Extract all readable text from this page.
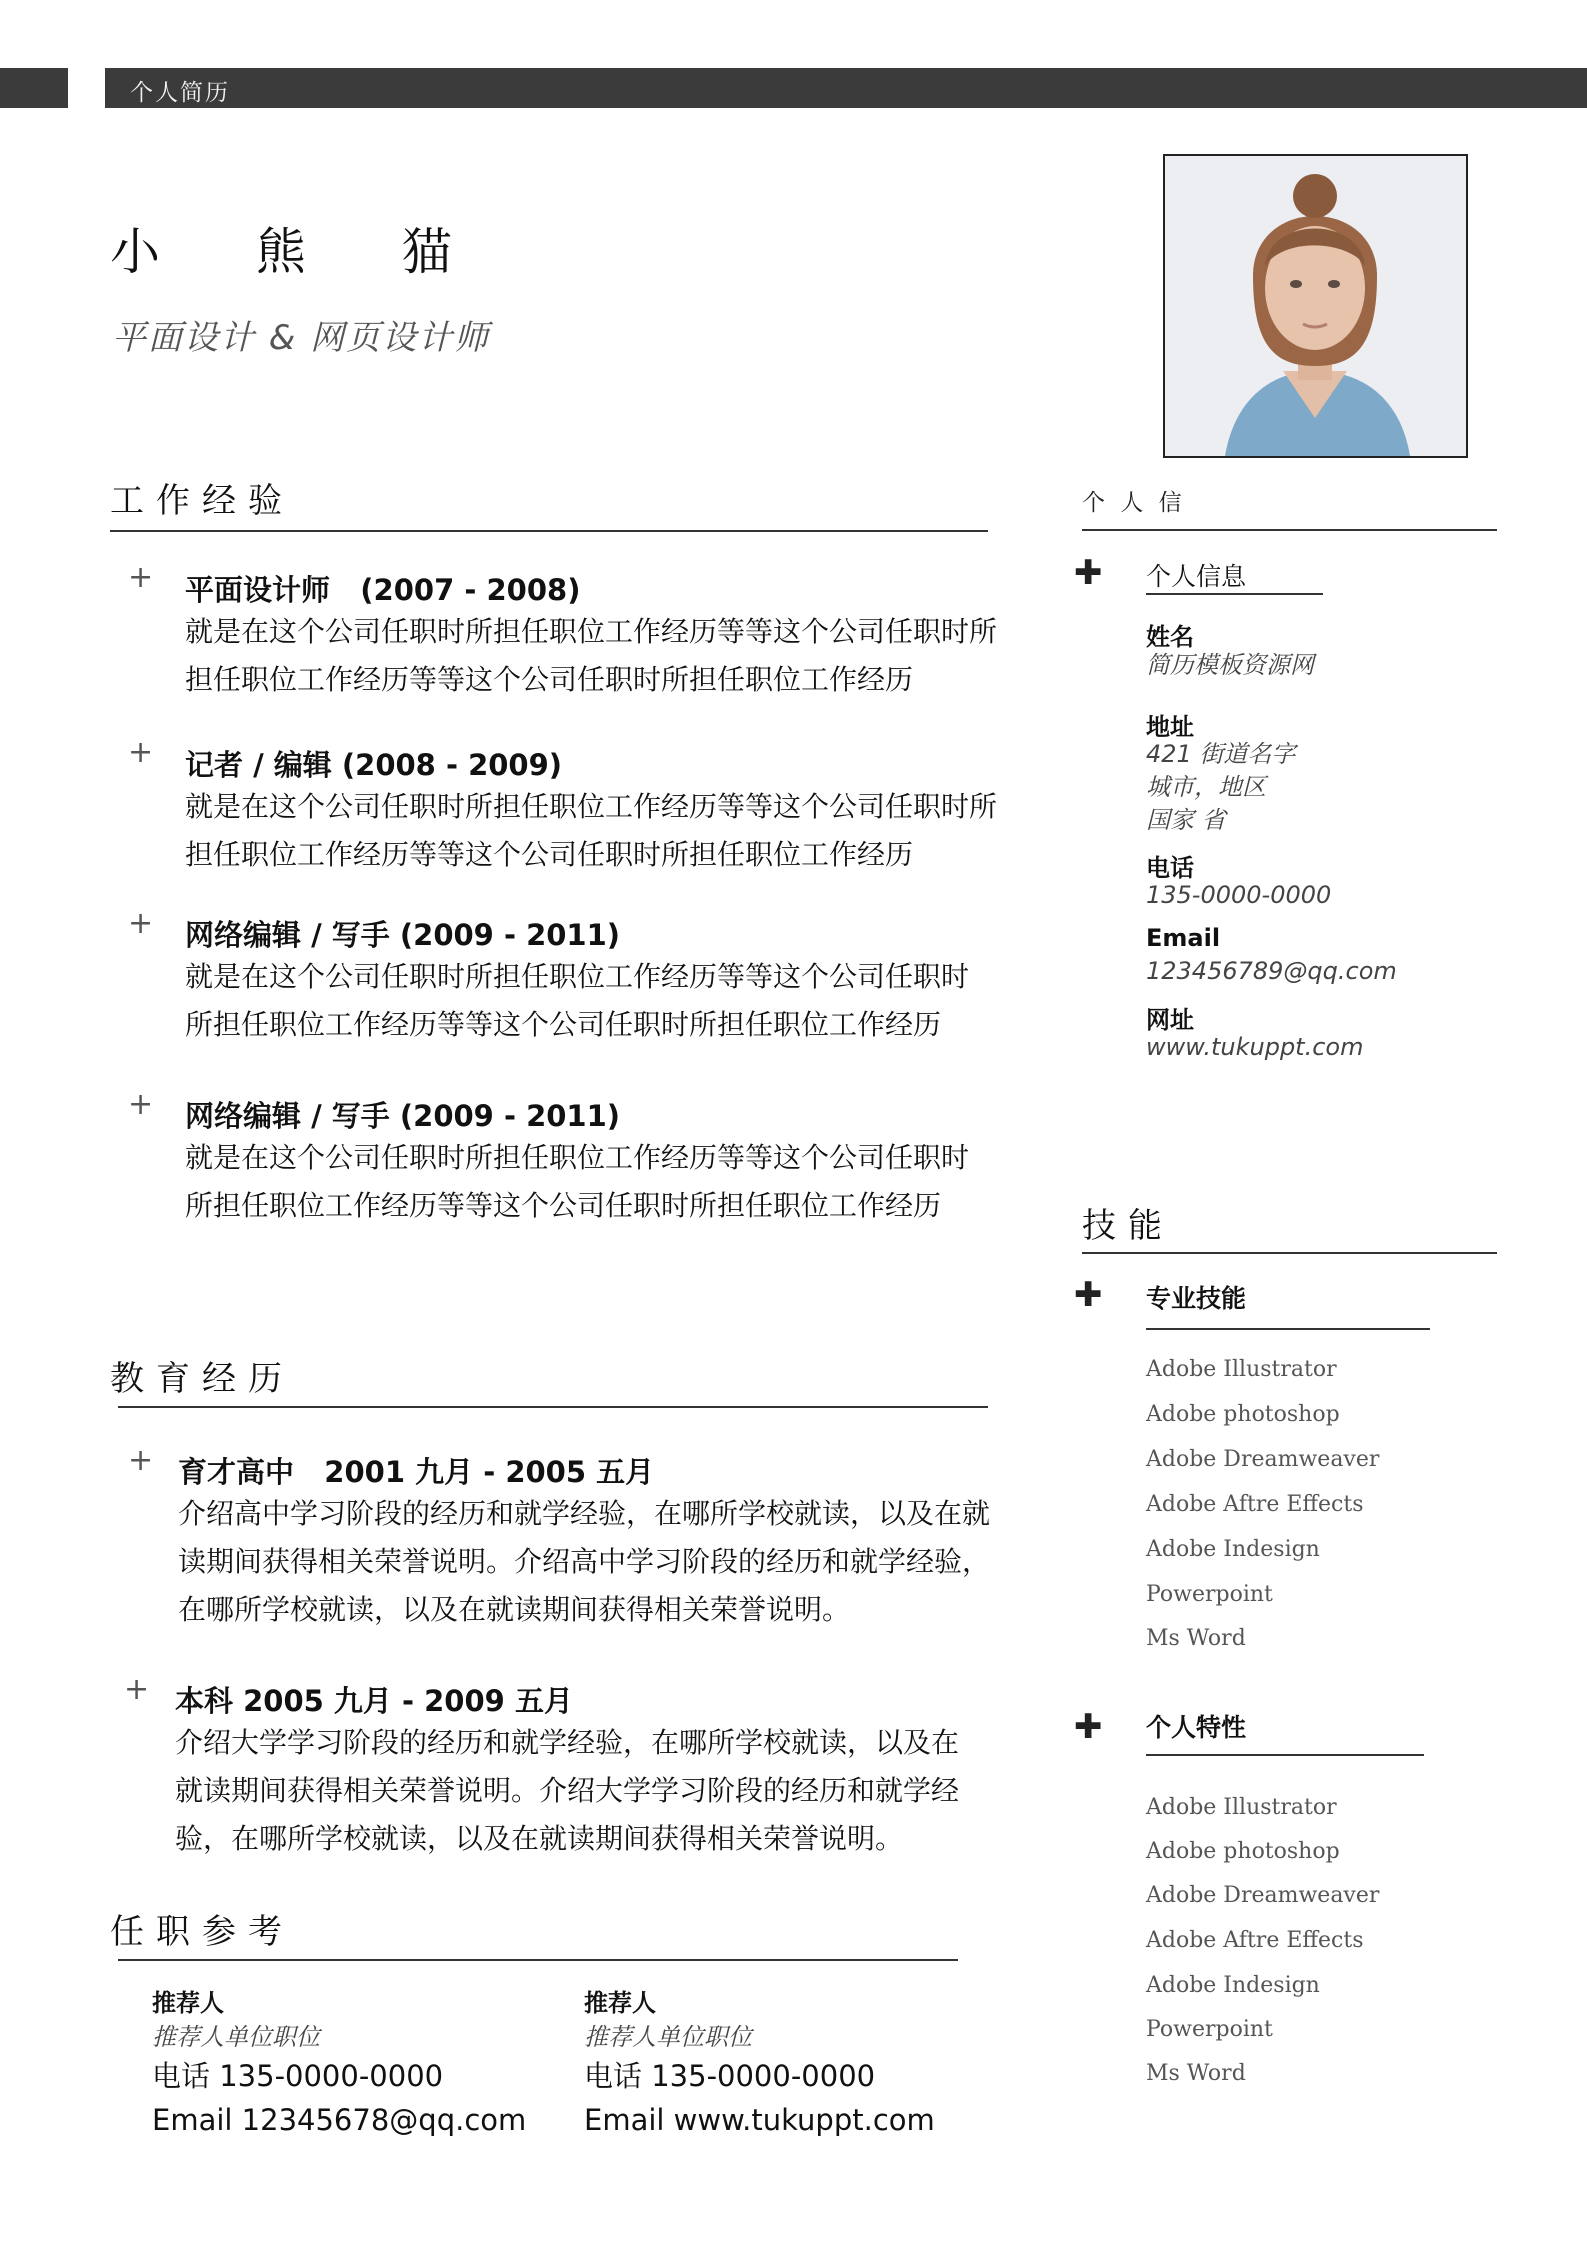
个人简历
小 熊 猫
平面设计 & 网页设计师
工作经验
+ 平面设计师   (2007 - 2008)
就是在这个公司任职时所担任职位工作经历等等这个公司任职时所
担任职位工作经历等等这个公司任职时所担任职位工作经历
+ 记者 / 编辑 (2008 - 2009)
就是在这个公司任职时所担任职位工作经历等等这个公司任职时所
担任职位工作经历等等这个公司任职时所担任职位工作经历
+ 网络编辑 / 写手 (2009 - 2011)
就是在这个公司任职时所担任职位工作经历等等这个公司任职时
所担任职位工作经历等等这个公司任职时所担任职位工作经历
+ 网络编辑 / 写手 (2009 - 2011)
就是在这个公司任职时所担任职位工作经历等等这个公司任职时
所担任职位工作经历等等这个公司任职时所担任职位工作经历
教育经历
+ 育才高中   2001 九月 - 2005 五月
介绍高中学习阶段的经历和就学经验，在哪所学校就读，以及在就
读期间获得相关荣誉说明。介绍高中学习阶段的经历和就学经验，
在哪所学校就读，以及在就读期间获得相关荣誉说明。
+ 本科 2005 九月 - 2009 五月
介绍大学学习阶段的经历和就学经验，在哪所学校就读，以及在
就读期间获得相关荣誉说明。介绍大学学习阶段的经历和就学经
验，在哪所学校就读，以及在就读期间获得相关荣誉说明。
任职参考
推荐人
推荐人单位职位
电话 135-0000-0000
Email 12345678@qq.com
推荐人
推荐人单位职位
电话 135-0000-0000
Email www.tukuppt.com
个 人 信
✚ 个人信息
姓名
简历模板资源网
地址
421 街道名字
城市，地区
国家 省
电话
135-0000-0000
Email
123456789@qq.com
网址
www.tukuppt.com
技能
✚ 专业技能
Adobe Illustrator
Adobe photoshop
Adobe Dreamweaver
Adobe Aftre Effects
Adobe Indesign
Powerpoint
Ms Word
✚ 个人特性
Adobe Illustrator
Adobe photoshop
Adobe Dreamweaver
Adobe Aftre Effects
Adobe Indesign
Powerpoint
Ms Word
